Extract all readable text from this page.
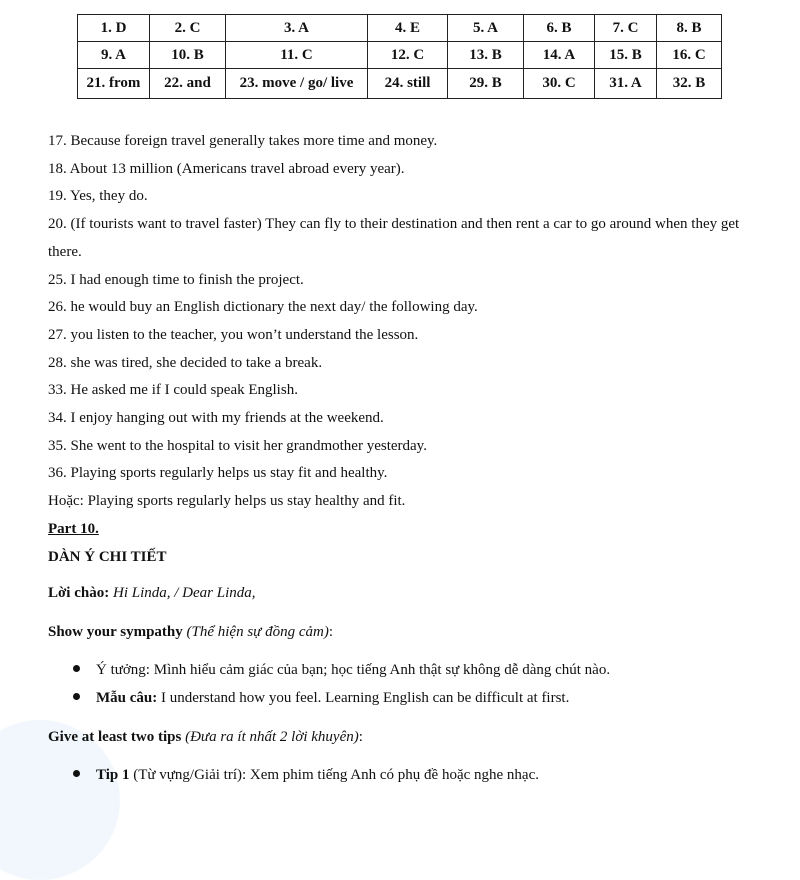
1. D	2. C	3. A	4. E	5. A	6. B	7. C	8. B
9. A	10. B	11. C	12. C	13. B	14. A	15. B	16. C
21. from	22. and	23. move / go/ live	24. still	29. B	30. C	31. A	32. B
17. Because foreign travel generally takes more time and money.
18. About 13 million (Americans travel abroad every year).
19. Yes, they do.
20. (If tourists want to travel faster) They can fly to their destination and then rent a car to go around when they get there.
25. I had enough time to finish the project.
26. he would buy an English dictionary the next day/ the following day.
27. you listen to the teacher, you won’t understand the lesson.
28. she was tired, she decided to take a break.
33. He asked me if I could speak English.
34. I enjoy hanging out with my friends at the weekend.
35. She went to the hospital to visit her grandmother yesterday.
36. Playing sports regularly helps us stay fit and healthy.
Hoặc: Playing sports regularly helps us stay healthy and fit.
Part 10.
DÀN Ý CHI TIẾT
Lời chào: Hi Linda, / Dear Linda,
Show your sympathy (Thể hiện sự đồng cảm):
Ý tưởng: Mình hiểu cảm giác của bạn; học tiếng Anh thật sự không dễ dàng chút nào.
Mẫu câu: I understand how you feel. Learning English can be difficult at first.
Give at least two tips (Đưa ra ít nhất 2 lời khuyên):
Tip 1 (Từ vựng/Giải trí): Xem phim tiếng Anh có phụ đề hoặc nghe nhạc.
